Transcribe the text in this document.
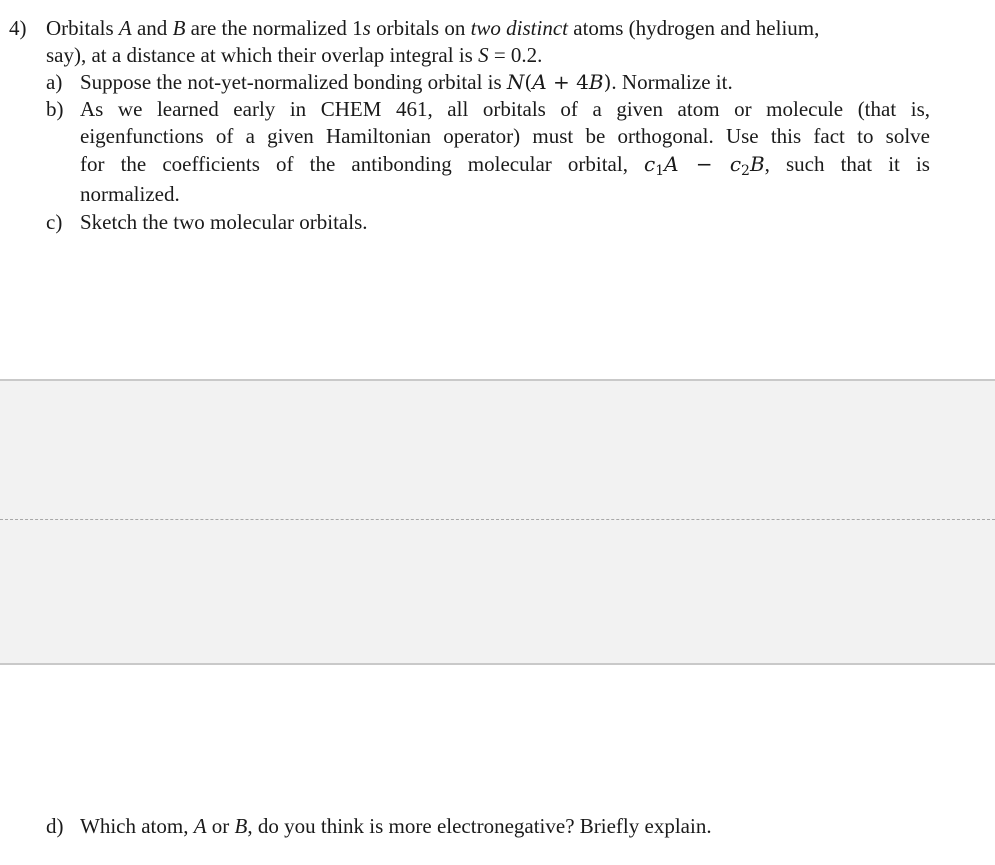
4) Orbitals A and B are the normalized 1s orbitals on two distinct atoms (hydrogen and helium,
say), at a distance at which their overlap integral is S = 0.2.
a) Suppose the not-yet-normalized bonding orbital is N(A + 4B). Normalize it.
b) As we learned early in CHEM 461, all orbitals of a given atom or molecule (that is,
eigenfunctions of a given Hamiltonian operator) must be orthogonal. Use this fact to solve
for the coefficients of the antibonding molecular orbital, $c_1A - c_2B$, such that it is
normalized.
c) Sketch the two molecular orbitals.
d) Which atom, A or B, do you think is more electronegative? Briefly explain.
